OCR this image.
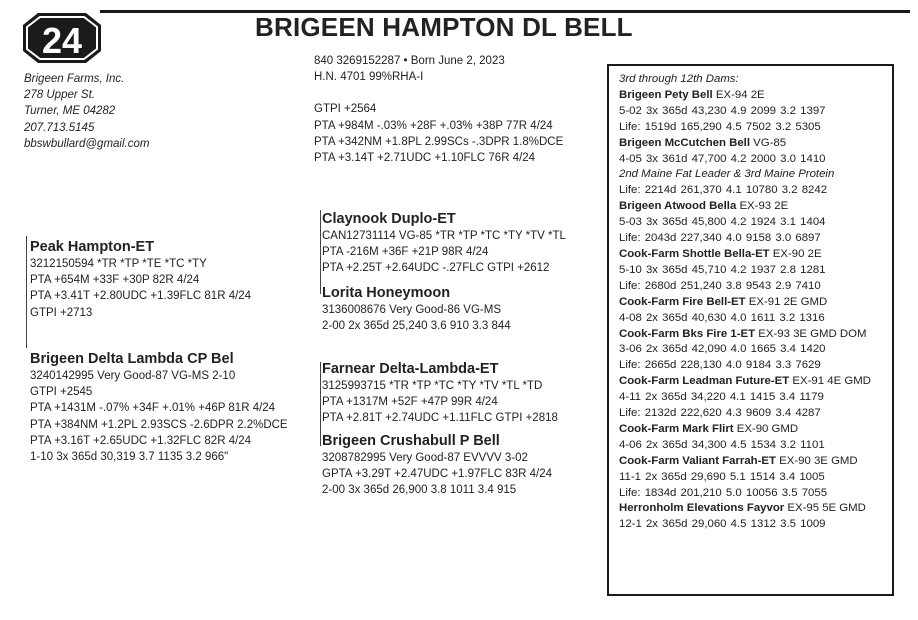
24	BRIGEEN HAMPTON DL BELL
Brigeen Farms, Inc.
278 Upper St.
Turner, ME 04282
207.713.5145
bbswbullard@gmail.com
840 3269152287 • Born June 2, 2023
H.N. 4701 99%RHA-I
GTPI +2564
PTA +984M -.03% +28F +.03% +38P 77R 4/24
PTA +342NM +1.8PL 2.99SCs -.3DPR 1.8%DCE
PTA +3.14T +2.71UDC +1.10FLC 76R 4/24
Peak Hampton-ET
3212150594 *TR *TP *TE *TC *TY
PTA +654M +33F +30P 82R 4/24
PTA +3.41T +2.80UDC +1.39FLC 81R 4/24
GTPI +2713
Brigeen Delta Lambda CP Bel
3240142995 Very Good-87 VG-MS 2-10
GTPI +2545
PTA +1431M -.07% +34F +.01% +46P 81R 4/24
PTA +384NM +1.2PL 2.93SCS -2.6DPR 2.2%DCE
PTA +3.16T +2.65UDC +1.32FLC 82R 4/24
1-10 3x 365d 30,319 3.7 1135 3.2 966"
Claynook Duplo-ET
CAN12731114 VG-85 *TR *TP *TC *TY *TV *TL
PTA -216M +36F +21P 98R 4/24
PTA +2.25T +2.64UDC -.27FLC GTPI +2612
Lorita Honeymoon
3136008676 Very Good-86 VG-MS
2-00 2x 365d 25,240 3.6 910 3.3 844
Farnear Delta-Lambda-ET
3125993715 *TR *TP *TC *TY *TV *TL *TD
PTA +1317M +52F +47P 99R 4/24
PTA +2.81T +2.74UDC +1.11FLC GTPI +2818
Brigeen Crushabull P Bell
3208782995 Very Good-87 EVVVV 3-02
GPTA +3.29T +2.47UDC +1.97FLC 83R 4/24
2-00 3x 365d 26,900 3.8 1011 3.4 915
3rd through 12th Dams:
Brigeen Pety Bell EX-94 2E
5-02 3x 365d 43,230 4.9 2099 3.2 1397
Life: 1519d 165,290 4.5 7502 3.2 5305
Brigeen McCutchen Bell VG-85
4-05 3x 361d 47,700 4.2 2000 3.0 1410
2nd Maine Fat Leader & 3rd Maine Protein
Life: 2214d 261,370 4.1 10780 3.2 8242
Brigeen Atwood Bella EX-93 2E
5-03 3x 365d 45,800 4.2 1924 3.1 1404
Life: 2043d 227,340 4.0 9158 3.0 6897
Cook-Farm Shottle Bella-ET EX-90 2E
5-10 3x 365d 45,710 4.2 1937 2.8 1281
Life: 2680d 251,240 3.8 9543 2.9 7410
Cook-Farm Fire Bell-ET EX-91 2E GMD
4-08 2x 365d 40,630 4.0 1611 3.2 1316
Cook-Farm Bks Fire 1-ET EX-93 3E GMD DOM
3-06 2x 365d 42,090 4.0 1665 3.4 1420
Life: 2665d 228,130 4.0 9184 3.3 7629
Cook-Farm Leadman Future-ET EX-91 4E GMD
4-11 2x 365d 34,220 4.1 1415 3.4 1179
Life: 2132d 222,620 4.3 9609 3.4 4287
Cook-Farm Mark Flirt EX-90 GMD
4-06 2x 365d 34,300 4.5 1534 3.2 1101
Cook-Farm Valiant Farrah-ET EX-90 3E GMD
11-1 2x 365d 29,690 5.1 1514 3.4 1005
Life: 1834d 201,210 5.0 10056 3.5 7055
Herronholm Elevations Fayvor EX-95 5E GMD
12-1 2x 365d 29,060 4.5 1312 3.5 1009
